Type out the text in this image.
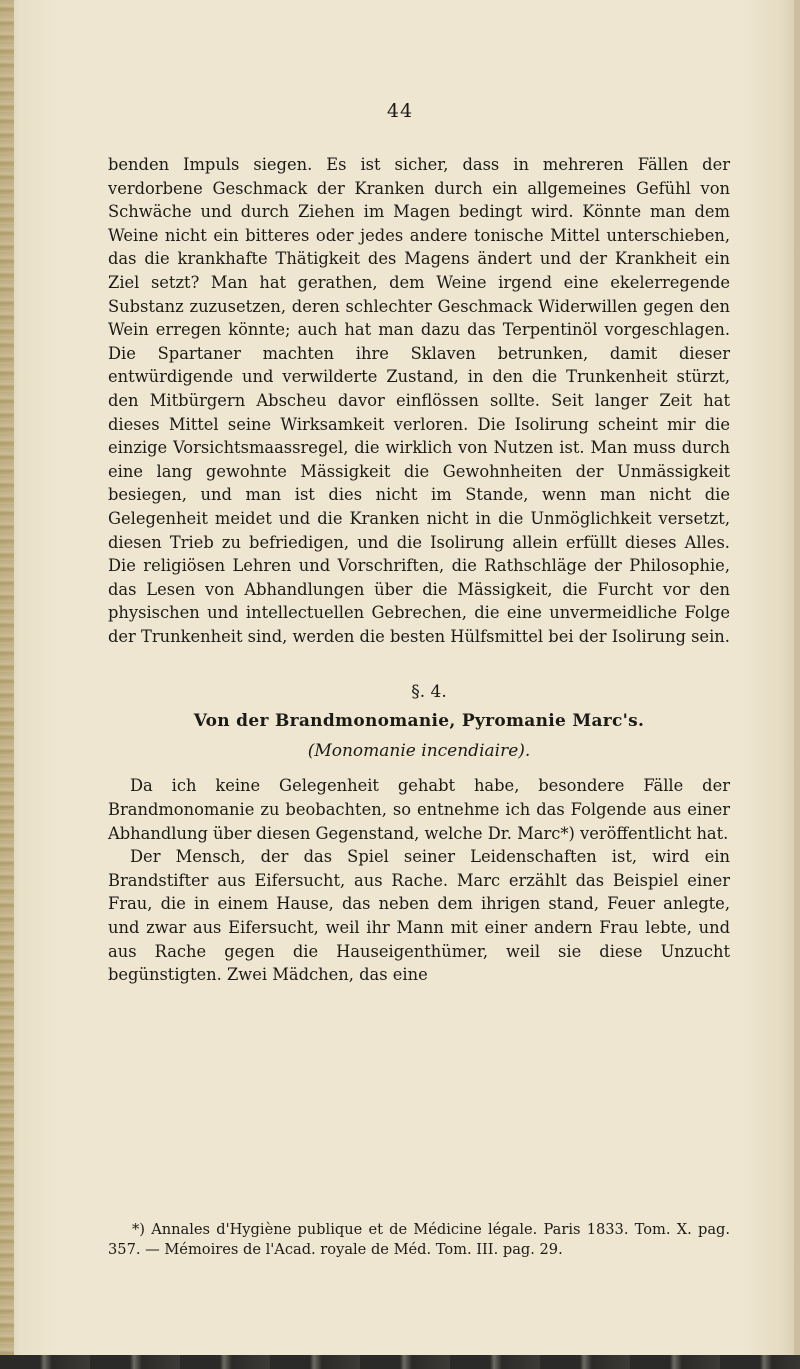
44

benden Impuls siegen. Es ist sicher, dass in mehreren Fällen der verdorbene Geschmack der Kranken durch ein allgemeines Gefühl von Schwäche und durch Ziehen im Magen bedingt wird. Könnte man dem Weine nicht ein bitteres oder jedes andere tonische Mittel unterschieben, das die krankhafte Thätigkeit des Magens ändert und der Krankheit ein Ziel setzt? Man hat gerathen, dem Weine irgend eine ekelerregende Substanz zuzusetzen, deren schlechter Geschmack Widerwillen gegen den Wein erregen könnte; auch hat man dazu das Terpentinöl vorgeschlagen. Die Spartaner machten ihre Sklaven betrunken, damit dieser entwürdigende und verwilderte Zustand, in den die Trunkenheit stürzt, den Mitbürgern Abscheu davor einflössen sollte. Seit langer Zeit hat dieses Mittel seine Wirksamkeit verloren. Die Isolirung scheint mir die einzige Vorsichtsmaassregel, die wirklich von Nutzen ist. Man muss durch eine lang gewohnte Mässigkeit die Gewohnheiten der Unmässigkeit besiegen, und man ist dies nicht im Stande, wenn man nicht die Gelegenheit meidet und die Kranken nicht in die Unmöglichkeit versetzt, diesen Trieb zu befriedigen, und die Isolirung allein erfüllt dieses Alles. Die religiösen Lehren und Vorschriften, die Rathschläge der Philosophie, das Lesen von Abhandlungen über die Mässigkeit, die Furcht vor den physischen und intellectuellen Gebrechen, die eine unvermeidliche Folge der Trunkenheit sind, werden die besten Hülfsmittel bei der Isolirung sein.

§. 4.
Von der Brandmonomanie, Pyromanie Marc's.
(Monomanie incendiaire).

Da ich keine Gelegenheit gehabt habe, besondere Fälle der Brandmonomanie zu beobachten, so entnehme ich das Folgende aus einer Abhandlung über diesen Gegenstand, welche Dr. Marc*) veröffentlicht hat.

Der Mensch, der das Spiel seiner Leidenschaften ist, wird ein Brandstifter aus Eifersucht, aus Rache. Marc erzählt das Beispiel einer Frau, die in einem Hause, das neben dem ihrigen stand, Feuer anlegte, und zwar aus Eifersucht, weil ihr Mann mit einer andern Frau lebte, und aus Rache gegen die Hauseigenthümer, weil sie diese Unzucht begünstigten. Zwei Mädchen, das eine

*) Annales d'Hygiène publique et de Médicine légale. Paris 1833. Tom. X. pag. 357. — Mémoires de l'Acad. royale de Méd. Tom. III. pag. 29.
